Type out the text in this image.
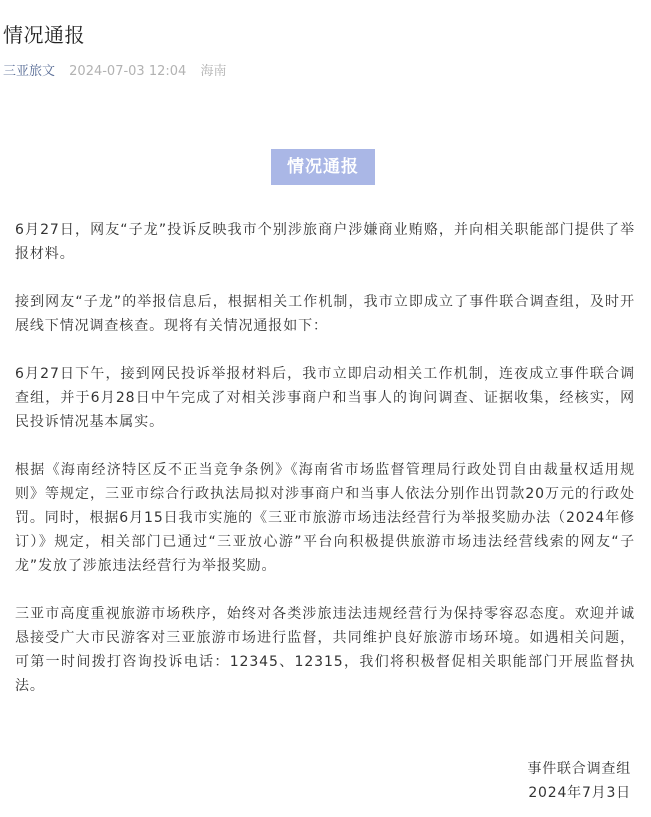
情况通报
三亚旅文 2024-07-03 12:04 海南
情况通报

6月27日，网友“子龙”投诉反映我市个别涉旅商户涉嫌商业贿赂，并向相关职能部门提供了举报材料。

接到网友“子龙”的举报信息后，根据相关工作机制，我市立即成立了事件联合调查组，及时开展线下情况调查核查。现将有关情况通报如下：

6月27日下午，接到网民投诉举报材料后，我市立即启动相关工作机制，连夜成立事件联合调查组，并于6月28日中午完成了对相关涉事商户和当事人的询问调查、证据收集，经核实，网民投诉情况基本属实。

根据《海南经济特区反不正当竞争条例》《海南省市场监督管理局行政处罚自由裁量权适用规则》等规定，三亚市综合行政执法局拟对涉事商户和当事人依法分别作出罚款20万元的行政处罚。同时，根据6月15日我市实施的《三亚市旅游市场违法经营行为举报奖励办法（2024年修订）》规定，相关部门已通过“三亚放心游”平台向积极提供旅游市场违法经营线索的网友“子龙”发放了涉旅违法经营行为举报奖励。

三亚市高度重视旅游市场秩序，始终对各类涉旅违法违规经营行为保持零容忍态度。欢迎并诚恳接受广大市民游客对三亚旅游市场进行监督，共同维护良好旅游市场环境。如遇相关问题，可第一时间拨打咨询投诉电话：12345、12315，我们将积极督促相关职能部门开展监督执法。

事件联合调查组
2024年7月3日
